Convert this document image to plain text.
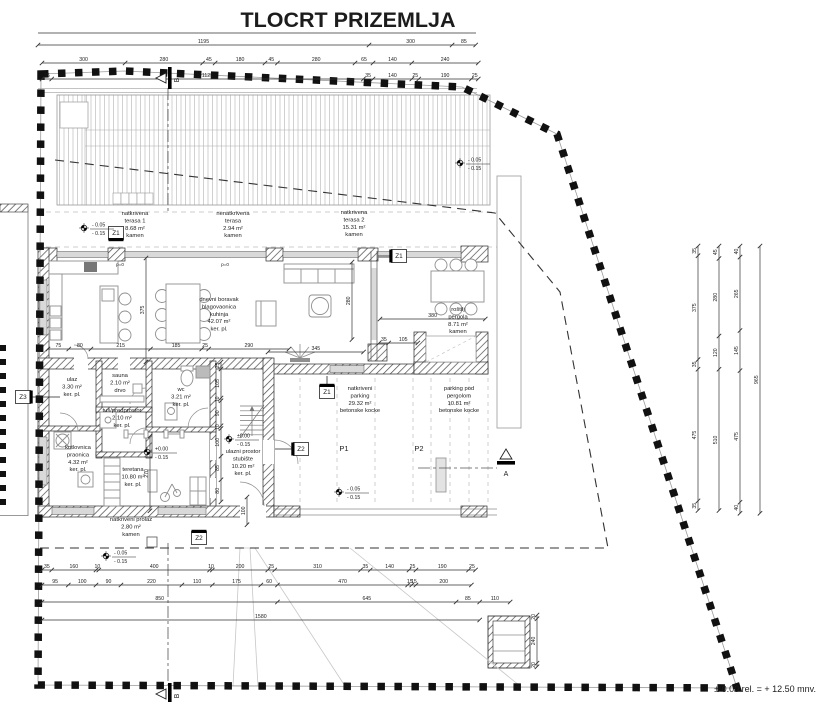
TLOCRT PRIZEMLJA
± 0.00 rel. = + 12.50 mnv.
1195	300	85
300	280	45	180	45	280	65	140	240
35	1125	35	140	25	190	25
75	80	215	185	25	290	345
35 105
380
35	160	10	400	10	200	25	310	35	140	25	190	25
95	100	90	220	110	175	60	470	15
15	200
850	645	85	110
1580
35
375
35
475
35
45
280
120
510
40
265
145
475
40
965
375
280
25
105
10
90
10
100
85
80
270
100
20
240
20
natkrivena
terasa 1
8.68 m²
kamen
nenatkrivena
terasa
2.94 m²
kamen
natkrivena
terasa 2
15.31 m²
kamen
dnevni boravak
blagovaonica
kuhinja
42.07 m²
ker. pl.
roštilj
pergola
8.71 m²
kamen
sauna
2.10 m²
drvo
tuš/predprostor
2.10 m²
ker. pl.
wc
3.21 m²
ker. pl.
ulaz
3.30 m²
ker. pl.
kotlovnica
praonica
4.32 m²
ker. pl.	teretana
10.80 m²
ker. pl.
ulazni prostor
stubište
10.20 m²
ker. pl.
natkriveni prolaz
2.80 m²
kamen
natkriveni
parking
29.32 m²
betonske kocke
parking pod
pergolom
10.81 m²
betonske kocke
P1	P2
p=0	p=0
Z1
Z1
Z1
Z2
Z2
Z3
B
B
A
- 0.05
- 0.15
- 0.05
- 0.15
- 0.05
- 0.15
+0.00
- 0.15
±0.00
- 0.15
- 0.05
- 0.15
